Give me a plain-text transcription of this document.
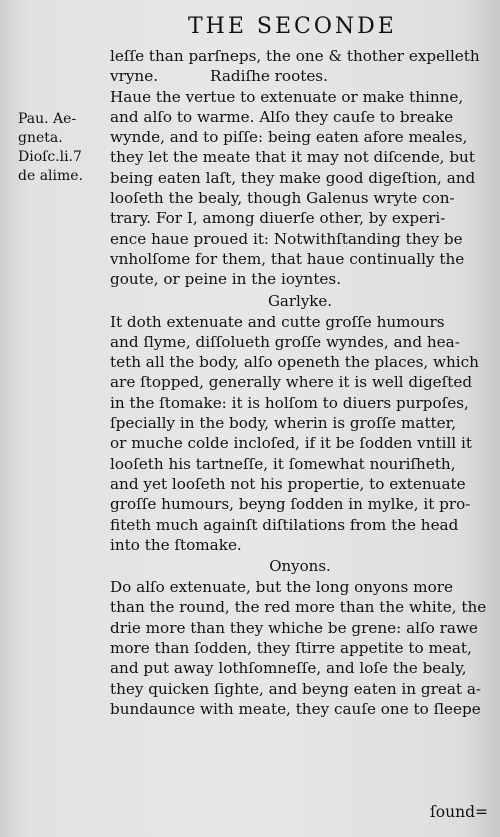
THE SECONDE
Pau. Ae-
gneta.
Dioſc.li.7
de alime.
leſſe than parſneps, the one & thother expelleth
vryne.	Radiſhe rootes.
Haue the vertue to extenuate or make thinne,
and alſo to warme. Alſo they cauſe to breake
wynde, and to piſſe: being eaten afore meales,
they let the meate that it may not diſcende, but
being eaten laſt, they make good digeſtion, and
looſeth the bealy, though Galenus wryte con-
trary. For I, among diuerſe other, by experi-
ence haue proued it: Notwithſtanding they be
vnholſome for them, that haue continually the
goute, or peine in the ioyntes.
Garlyke.
It doth extenuate and cutte groſſe humours
and ſlyme, diſſolueth groſſe wyndes, and hea-
teth all the body, alſo openeth the places, which
are ſtopped, generally where it is well digeſted
in the ſtomake: it is holſom to diuers purpoſes,
ſpecially in the body, wherin is groſſe matter,
or muche colde incloſed, if it be ſodden vntill it
looſeth his tartneſſe, it ſomewhat nouriſheth,
and yet looſeth not his propertie, to extenuate
groſſe humours, beyng ſodden in mylke, it pro-
fiteth much againſt diſtilations from the head
into the ſtomake.
Onyons.
Do alſo extenuate, but the long onyons more
than the round, the red more than the white, the
drie more than they whiche be grene: alſo rawe
more than ſodden, they ſtirre appetite to meat,
and put away lothſomneſſe, and loſe the bealy,
they quicken ſighte, and beyng eaten in great a-
bundaunce with meate, they cauſe one to ſleepe
ſound=
